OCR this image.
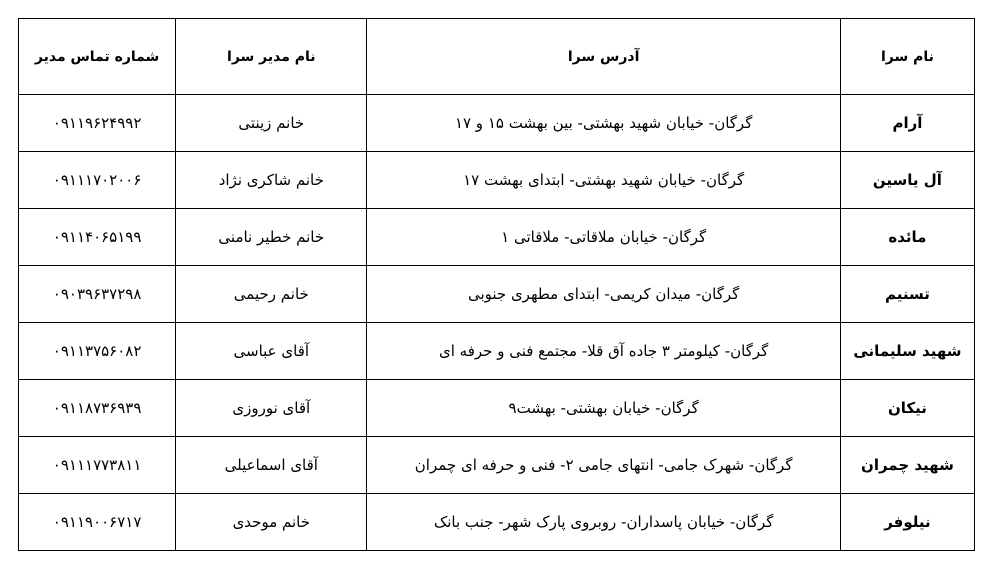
نام سرا	آدرس سرا	نام مدیر سرا	شماره تماس مدیر
آرام	گرگان- خیابان شهید بهشتی- بین بهشت ۱۵ و ۱۷	خانم زینتی	۰۹۱۱۹۶۲۴۹۹۲
آل یاسین	گرگان- خیابان شهید بهشتی- ابتدای بهشت ۱۷	خانم شاکری نژاد	۰۹۱۱۱۷۰۲۰۰۶
مائده	گرگان- خیابان ملاقاتی- ملاقاتی ۱	خانم خطیر نامنی	۰۹۱۱۴۰۶۵۱۹۹
تسنیم	گرگان- میدان کریمی- ابتدای مطهری جنوبی	خانم رحیمی	۰۹۰۳۹۶۳۷۲۹۸
شهید سلیمانی	گرگان- کیلومتر ۳ جاده آق قلا- مجتمع فنی و حرفه ای	آقای عباسی	۰۹۱۱۳۷۵۶۰۸۲
نیکان	گرگان- خیابان بهشتی- بهشت۹	آقای نوروزی	۰۹۱۱۸۷۳۶۹۳۹
شهید چمران	گرگان- شهرک جامی- انتهای جامی ۲- فنی و حرفه ای چمران	آقای اسماعیلی	۰۹۱۱۱۷۷۳۸۱۱
نیلوفر	گرگان- خیابان پاسداران- روبروی پارک شهر- جنب بانک	خانم موحدی	۰۹۱۱۹۰۰۶۷۱۷
